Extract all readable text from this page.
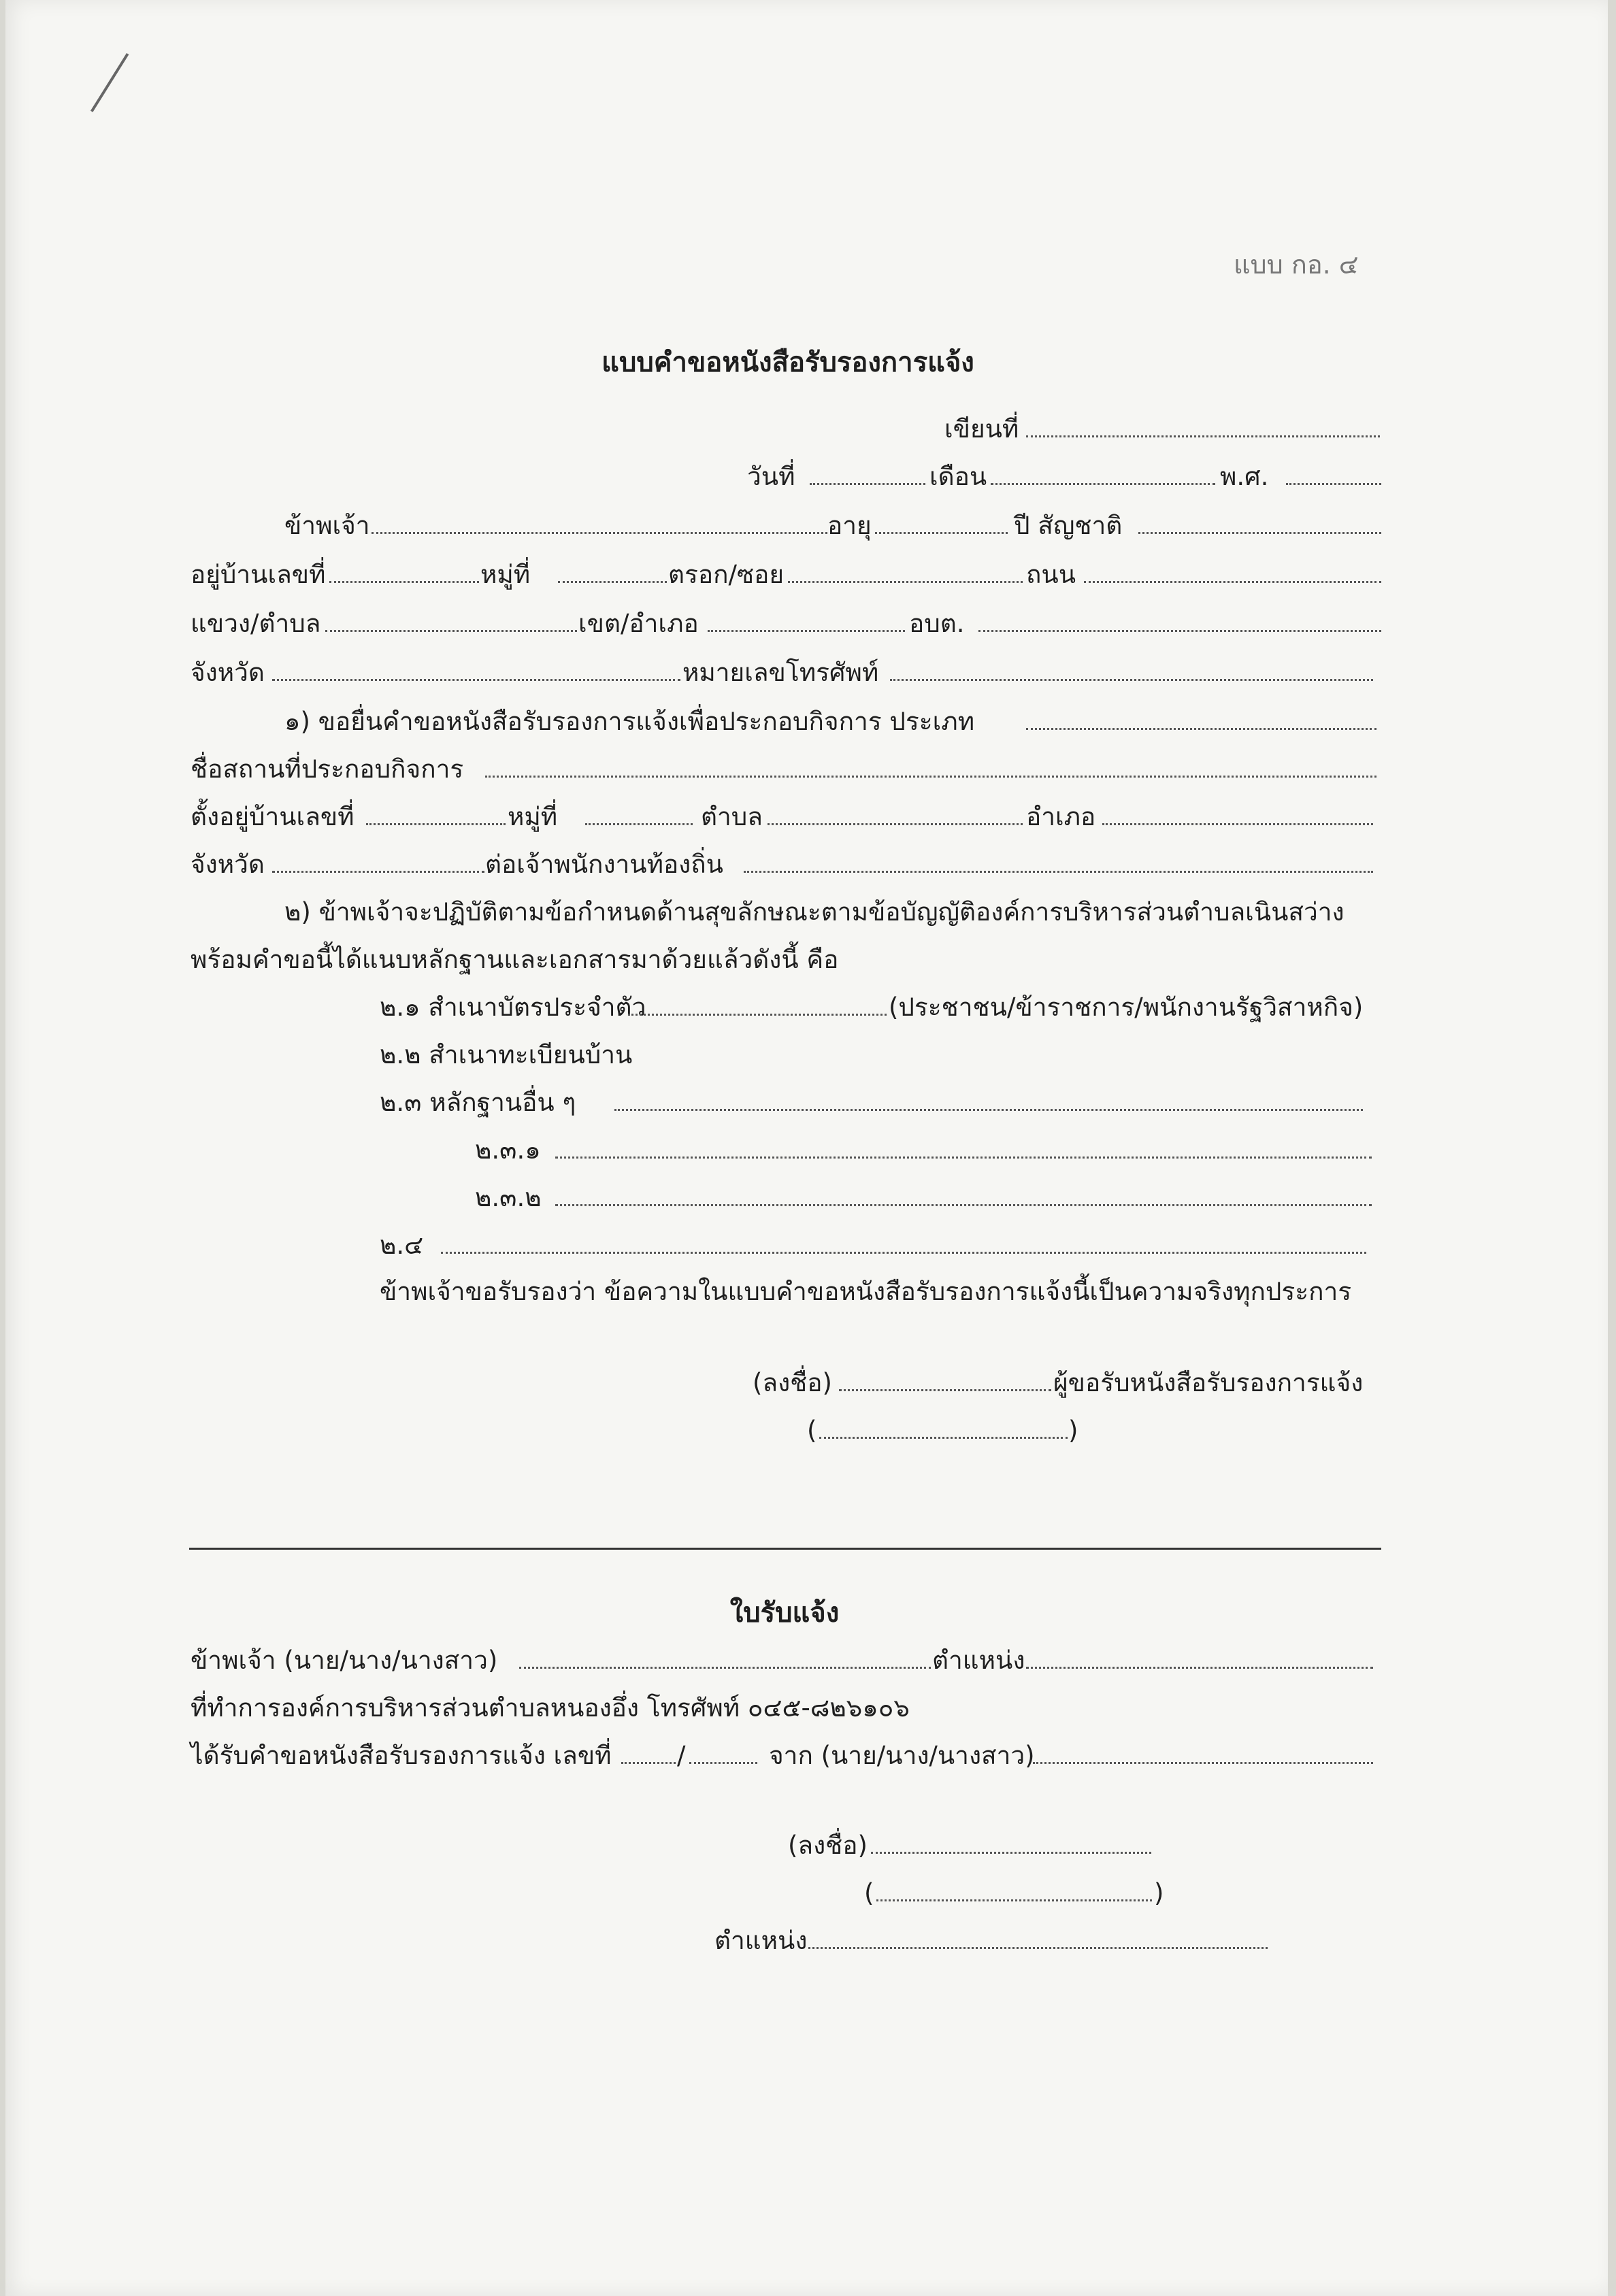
แบบ กอ. ๔
แบบคำขอหนังสือรับรองการแจ้ง
เขียนที่
วันที่	เดือน	พ.ศ.
ข้าพเจ้า	อายุ	ปี สัญชาติ
อยู่บ้านเลขที่	หมู่ที่	ตรอก/ซอย	ถนน
แขวง/ตำบล	เขต/อำเภอ	อบต.
จังหวัด	หมายเลขโทรศัพท์
๑) ขอยื่นคำขอหนังสือรับรองการแจ้งเพื่อประกอบกิจการ ประเภท
ชื่อสถานที่ประกอบกิจการ
ตั้งอยู่บ้านเลขที่	หมู่ที่	ตำบล	อำเภอ
จังหวัด	ต่อเจ้าพนักงานท้องถิ่น
๒) ข้าพเจ้าจะปฏิบัติตามข้อกำหนดด้านสุขลักษณะตามข้อบัญญัติองค์การบริหารส่วนตำบลเนินสว่าง
พร้อมคำขอนี้ได้แนบหลักฐานและเอกสารมาด้วยแล้วดังนี้ คือ
๒.๑ สำเนาบัตรประจำตัว	(ประชาชน/ข้าราชการ/พนักงานรัฐวิสาหกิจ)
๒.๒ สำเนาทะเบียนบ้าน
๒.๓ หลักฐานอื่น ๆ
๒.๓.๑
๒.๓.๒
๒.๔
ข้าพเจ้าขอรับรองว่า ข้อความในแบบคำขอหนังสือรับรองการแจ้งนี้เป็นความจริงทุกประการ
(ลงชื่อ)	ผู้ขอรับหนังสือรับรองการแจ้ง
(	)
ใบรับแจ้ง
ข้าพเจ้า (นาย/นาง/นางสาว)	ตำแหน่ง
ที่ทำการองค์การบริหารส่วนตำบลหนองอึ่ง โทรศัพท์ ๐๔๕-๘๒๖๑๐๖
ได้รับคำขอหนังสือรับรองการแจ้ง เลขที่	/	จาก (นาย/นาง/นางสาว)
(ลงชื่อ)
(	)
ตำแหน่ง
